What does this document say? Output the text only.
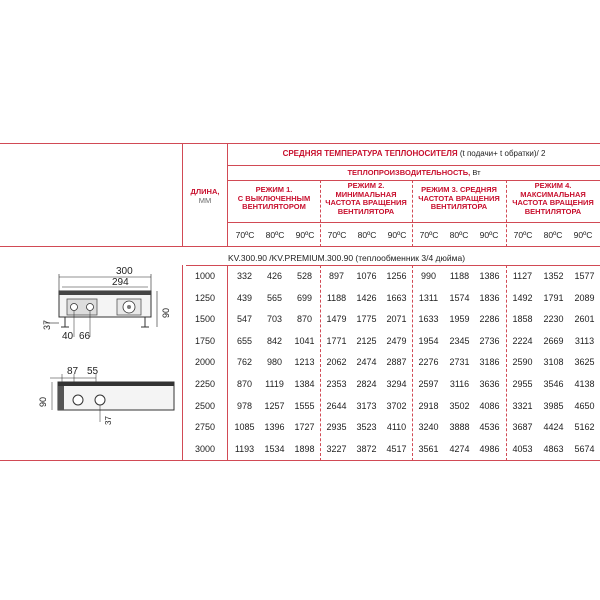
СРЕДНЯЯ ТЕМПЕРАТУРА ТЕПЛОНОСИТЕЛЯ (t подачи+ t обратки)/ 2
ТЕПЛОПРОИЗВОДИТЕЛЬНОСТЬ, Вт
ДЛИНА,
ММ
РЕЖИМ 1.
С ВЫКЛЮЧЕННЫМ
ВЕНТИЛЯТОРОМ
РЕЖИМ 2.
МИНИМАЛЬНАЯ
ЧАСТОТА ВРАЩЕНИЯ
ВЕНТИЛЯТОРА
РЕЖИМ 3. СРЕДНЯЯ
ЧАСТОТА ВРАЩЕНИЯ
ВЕНТИЛЯТОРА
РЕЖИМ 4.
МАКСИМАЛЬНАЯ
ЧАСТОТА ВРАЩЕНИЯ
ВЕНТИЛЯТОРА
70ºC	80ºC	90ºC	70ºC	80ºC	90ºC	70ºC	80ºC	90ºC	70ºC	80ºC	90ºC
KV.300.90 /KV.PREMIUM.300.90 (теплообменник 3/4 дюйма)
1000	332	426	528	897	1076	1256	990	1188	1386	1127	1352	1577
1250	439	565	699	1188	1426	1663	1311	1574	1836	1492	1791	2089
1500	547	703	870	1479	1775	2071	1633	1959	2286	1858	2230	2601
1750	655	842	1041	1771	2125	2479	1954	2345	2736	2224	2669	3113
2000	762	980	1213	2062	2474	2887	2276	2731	3186	2590	3108	3625
2250	870	1119	1384	2353	2824	3294	2597	3116	3636	2955	3546	4138
2500	978	1257	1555	2644	3173	3702	2918	3502	4086	3321	3985	4650
2750	1085	1396	1727	2935	3523	4110	3240	3888	4536	3687	4424	5162
3000	1193	1534	1898	3227	3872	4517	3561	4274	4986	4053	4863	5674
300
294
37
90
40 66
87 55
90
37
